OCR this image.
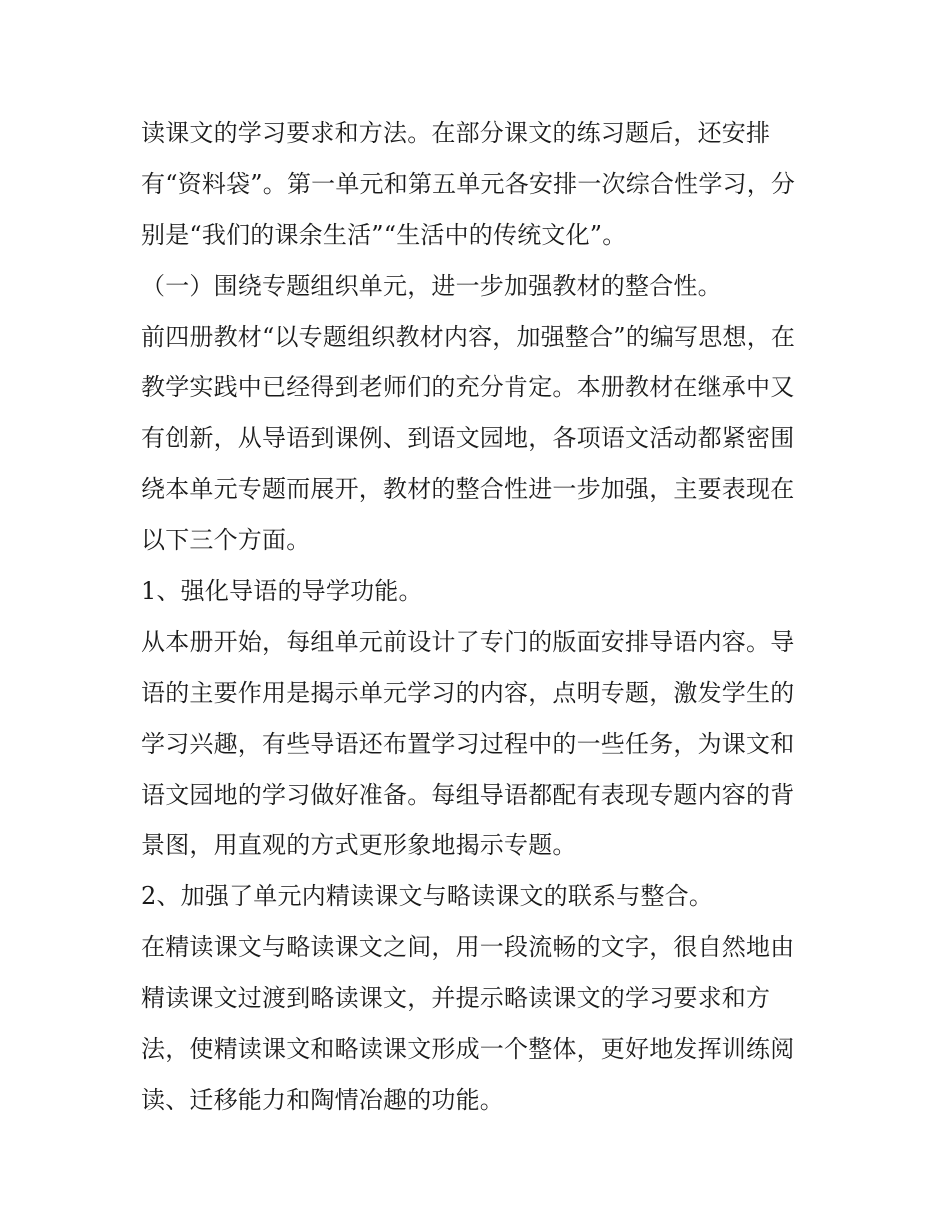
读课文的学习要求和方法。在部分课文的练习题后，还安排
有“资料袋”。第一单元和第五单元各安排一次综合性学习，分
别是“我们的课余生活”“生活中的传统文化”。
（一）围绕专题组织单元，进一步加强教材的整合性。
前四册教材“以专题组织教材内容，加强整合”的编写思想，在
教学实践中已经得到老师们的充分肯定。本册教材在继承中又
有创新，从导语到课例、到语文园地，各项语文活动都紧密围
绕本单元专题而展开，教材的整合性进一步加强，主要表现在
以下三个方面。
1、强化导语的导学功能。
从本册开始，每组单元前设计了专门的版面安排导语内容。导
语的主要作用是揭示单元学习的内容，点明专题，激发学生的
学习兴趣，有些导语还布置学习过程中的一些任务，为课文和
语文园地的学习做好准备。每组导语都配有表现专题内容的背
景图，用直观的方式更形象地揭示专题。
2、加强了单元内精读课文与略读课文的联系与整合。
在精读课文与略读课文之间，用一段流畅的文字，很自然地由
精读课文过渡到略读课文，并提示略读课文的学习要求和方
法，使精读课文和略读课文形成一个整体，更好地发挥训练阅
读、迁移能力和陶情冶趣的功能。
